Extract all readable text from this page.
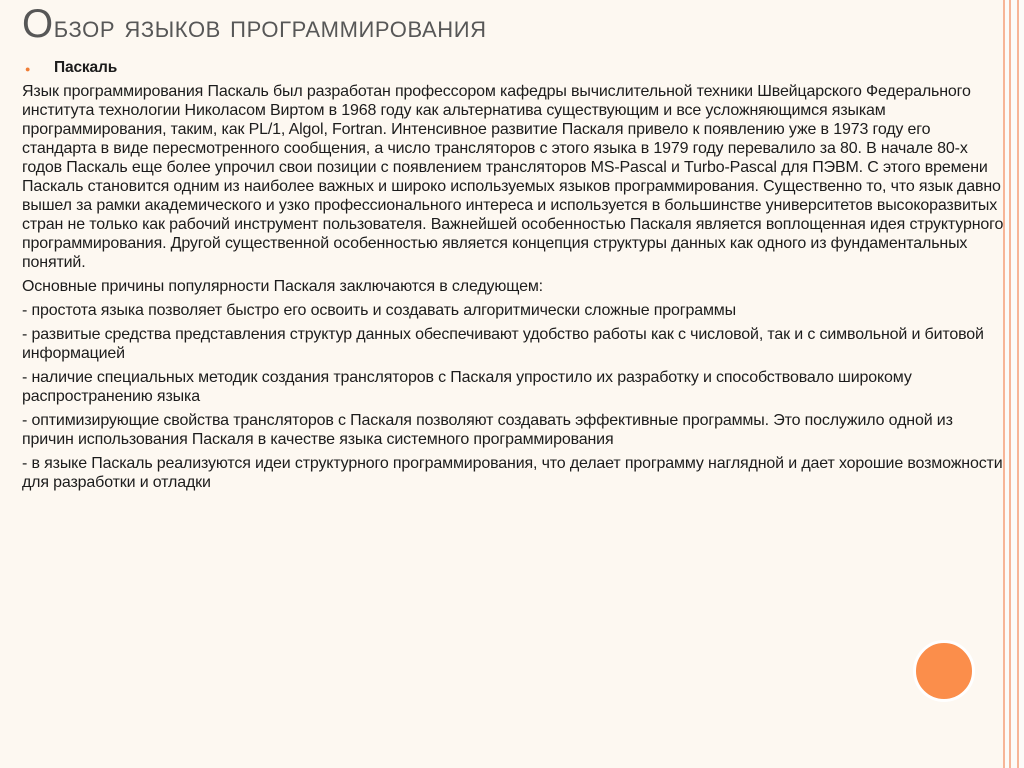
Обзор языков программирования
● Паскаль

Язык программирования Паскаль был разработан профессором кафедры вычислительной техники Швейцарского Федерального института технологии Николасом Виртом в 1968 году как альтернатива существующим и все усложняющимся языкам программирования, таким, как PL/1, Algol, Fortran. Интенсивное развитие Паскаля привело к появлению уже в 1973 году его стандарта в виде пересмотренного сообщения, а число трансляторов с этого языка в 1979 году перевалило за 80. В начале 80-х годов Паскаль еще более упрочил свои позиции с появлением трансляторов MS-Pascal и Turbo-Pascal для ПЭВМ. С этого времени Паскаль становится одним из наиболее важных и широко используемых языков программирования. Существенно то, что язык давно вышел за рамки академического и узко профессионального интереса и используется в большинстве университетов высокоразвитых стран не только как рабочий инструмент пользователя. Важнейшей особенностью Паскаля является воплощенная идея структурного программирования. Другой существенной особенностью является концепция структуры данных как одного из фундаментальных понятий.

Основные причины популярности Паскаля заключаются в следующем:

- простота языка позволяет быстро его освоить и создавать алгоритмически сложные программы

- развитые средства представления структур данных обеспечивают удобство работы как с числовой, так и с символьной и битовой информацией

- наличие специальных методик создания трансляторов с Паскаля упростило их разработку и способствовало широкому распространению языка

- оптимизирующие свойства трансляторов с Паскаля позволяют создавать эффективные программы. Это послужило одной из причин использования Паскаля в качестве языка системного программирования

- в языке Паскаль реализуются идеи структурного программирования, что делает программу наглядной и дает хорошие возможности для разработки и отладки
